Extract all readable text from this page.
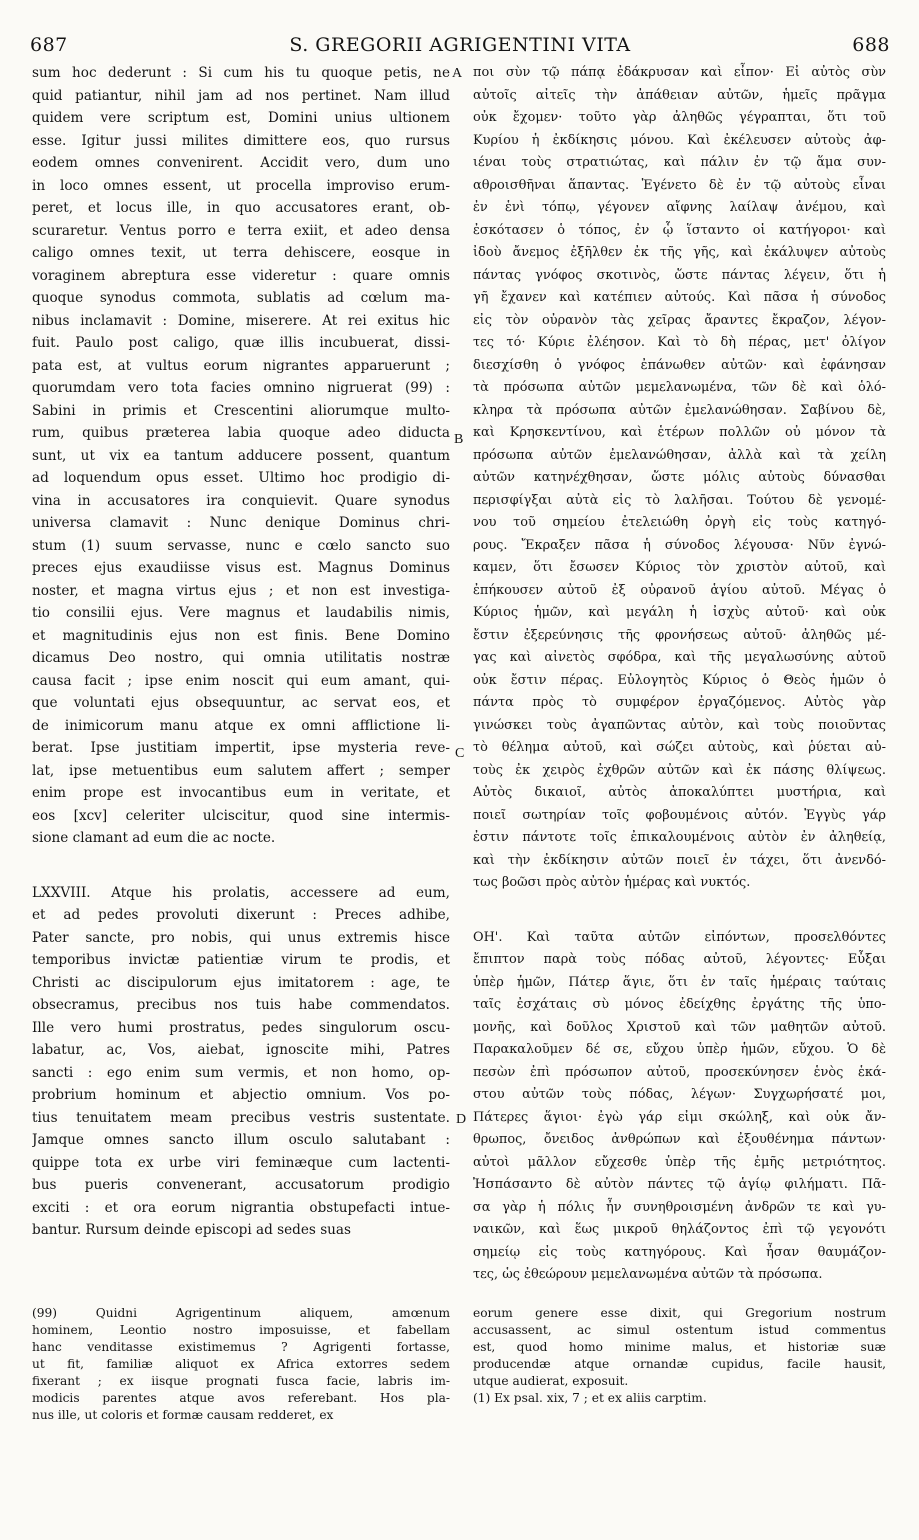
687	S. GREGORII AGRIGENTINI VITA	688
sum hoc dederunt : Si cum his tu quoque petis, ne
quid patiantur, nihil jam ad nos pertinet. Nam illud
quidem vere scriptum est, Domini unius ultionem
esse. Igitur jussi milites dimittere eos, quo rursus
eodem omnes convenirent. Accidit vero, dum uno
in loco omnes essent, ut procella improviso erum-
peret, et locus ille, in quo accusatores erant, ob-
scuraretur. Ventus porro e terra exiit, et adeo densa
caligo omnes texit, ut terra dehiscere, eosque in
voraginem abreptura esse videretur : quare omnis
quoque synodus commota, sublatis ad cœlum ma-
nibus inclamavit : Domine, miserere. At rei exitus hic
fuit. Paulo post caligo, quæ illis incubuerat, dissi-
pata est, at vultus eorum nigrantes apparuerunt ;
quorumdam vero tota facies omnino nigruerat (99) :
Sabini in primis et Crescentini aliorumque multo-
rum, quibus præterea labia quoque adeo diducta
sunt, ut vix ea tantum adducere possent, quantum
ad loquendum opus esset. Ultimo hoc prodigio di-
vina in accusatores ira conquievit. Quare synodus
universa clamavit : Nunc denique Dominus chri-
stum (1) suum servasse, nunc e cœlo sancto suo
preces ejus exaudiisse visus est. Magnus Dominus
noster, et magna virtus ejus ; et non est investiga-
tio consilii ejus. Vere magnus et laudabilis nimis,
et magnitudinis ejus non est finis. Bene Domino
dicamus Deo nostro, qui omnia utilitatis nostræ
causa facit ; ipse enim noscit qui eum amant, qui-
que voluntati ejus obsequuntur, ac servat eos, et
de inimicorum manu atque ex omni afflictione li-
berat. Ipse justitiam impertit, ipse mysteria reve-
lat, ipse metuentibus eum salutem affert ; semper
enim prope est invocantibus eum in veritate, et
eos [xcv] celeriter ulciscitur, quod sine intermis-
sione clamant ad eum die ac nocte.
LXXVIII. Atque his prolatis, accessere ad eum,
et ad pedes provoluti dixerunt : Preces adhibe,
Pater sancte, pro nobis, qui unus extremis hisce
temporibus invictæ patientiæ virum te prodis, et
Christi ac discipulorum ejus imitatorem : age, te
obsecramus, precibus nos tuis habe commendatos.
Ille vero humi prostratus, pedes singulorum oscu-
labatur, ac, Vos, aiebat, ignoscite mihi, Patres
sancti : ego enim sum vermis, et non homo, op-
probrium hominum et abjectio omnium. Vos po-
tius tenuitatem meam precibus vestris sustentate.
Jamque omnes sancto illum osculo salutabant :
quippe tota ex urbe viri feminæque cum lactenti-
bus pueris convenerant, accusatorum prodigio
exciti : et ora eorum nigrantia obstupefacti intue-
bantur. Rursum deinde episcopi ad sedes suas
ποι σὺν τῷ πάπᾳ ἐδάκρυσαν καὶ εἶπον· Εἰ αὐτὸς σὺν
αὐτοῖς αἰτεῖς τὴν ἀπάθειαν αὐτῶν, ἡμεῖς πρᾶγμα
οὐκ ἔχομεν· τοῦτο γὰρ ἀληθῶς γέγραπται, ὅτι τοῦ
Κυρίου ἡ ἐκδίκησις μόνου. Καὶ ἐκέλευσεν αὐτοὺς ἀφ-
ιέναι τοὺς στρατιώτας, καὶ πάλιν ἐν τῷ ἅμα συν-
αθροισθῆναι ἅπαντας. Ἐγένετο δὲ ἐν τῷ αὐτοὺς εἶναι
ἐν ἑνὶ τόπῳ, γέγονεν αἴφνης λαίλαψ ἀνέμου, καὶ
ἐσκότασεν ὁ τόπος, ἐν ᾧ ἵσταντο οἱ κατήγοροι· καὶ
ἰδοὺ ἄνεμος ἐξῆλθεν ἐκ τῆς γῆς, καὶ ἐκάλυψεν αὐτοὺς
πάντας γνόφος σκοτινὸς, ὥστε πάντας λέγειν, ὅτι ἡ
γῆ ἔχανεν καὶ κατέπιεν αὐτούς. Καὶ πᾶσα ἡ σύνοδος
εἰς τὸν οὐρανὸν τὰς χεῖρας ἄραντες ἔκραζον, λέγον-
τες τό· Κύριε ἐλέησον. Καὶ τὸ δὴ πέρας, μετ' ὀλίγον
διεσχίσθη ὁ γνόφος ἐπάνωθεν αὐτῶν· καὶ ἐφάνησαν
τὰ πρόσωπα αὐτῶν μεμελανωμένα, τῶν δὲ καὶ ὁλό-
κληρα τὰ πρόσωπα αὐτῶν ἐμελανώθησαν. Σαβίνου δὲ,
καὶ Κρησκεντίνου, καὶ ἑτέρων πολλῶν οὐ μόνον τὰ
πρόσωπα αὐτῶν ἐμελανώθησαν, ἀλλὰ καὶ τὰ χείλη
αὐτῶν κατηνέχθησαν, ὥστε μόλις αὐτοὺς δύνασθαι
περισφίγξαι αὐτὰ εἰς τὸ λαλῆσαι. Τούτου δὲ γενομέ-
νου τοῦ σημείου ἐτελειώθη ὀργὴ εἰς τοὺς κατηγό-
ρους. Ἔκραξεν πᾶσα ἡ σύνοδος λέγουσα· Νῦν ἐγνώ-
καμεν, ὅτι ἔσωσεν Κύριος τὸν χριστὸν αὐτοῦ, καὶ
ἐπήκουσεν αὐτοῦ ἐξ οὐρανοῦ ἁγίου αὐτοῦ. Μέγας ὁ
Κύριος ἡμῶν, καὶ μεγάλη ἡ ἰσχὺς αὐτοῦ· καὶ οὐκ
ἔστιν ἐξερεύνησις τῆς φρονήσεως αὐτοῦ· ἀληθῶς μέ-
γας καὶ αἰνετὸς σφόδρα, καὶ τῆς μεγαλωσύνης αὐτοῦ
οὐκ ἔστιν πέρας. Εὐλογητὸς Κύριος ὁ Θεὸς ἡμῶν ὁ
πάντα πρὸς τὸ συμφέρον ἐργαζόμενος. Αὐτὸς γὰρ
γινώσκει τοὺς ἀγαπῶντας αὐτὸν, καὶ τοὺς ποιοῦντας
τὸ θέλημα αὐτοῦ, καὶ σώζει αὐτοὺς, καὶ ῥύεται αὐ-
τοὺς ἐκ χειρὸς ἐχθρῶν αὐτῶν καὶ ἐκ πάσης θλίψεως.
Αὐτὸς δικαιοῖ, αὐτὸς ἀποκαλύπτει μυστήρια, καὶ
ποιεῖ σωτηρίαν τοῖς φοβουμένοις αὐτόν. Ἐγγὺς γάρ
ἐστιν πάντοτε τοῖς ἐπικαλουμένοις αὐτὸν ἐν ἀληθείᾳ,
καὶ τὴν ἐκδίκησιν αὐτῶν ποιεῖ ἐν τάχει, ὅτι ἀνενδό-
τως βοῶσι πρὸς αὐτὸν ἡμέρας καὶ νυκτός.
ΟΗ'. Καὶ ταῦτα αὐτῶν εἰπόντων, προσελθόντες
ἔπιπτον παρὰ τοὺς πόδας αὐτοῦ, λέγοντες· Εὖξαι
ὑπὲρ ἡμῶν, Πάτερ ἅγιε, ὅτι ἐν ταῖς ἡμέραις ταύταις
ταῖς ἐσχάταις σὺ μόνος ἐδείχθης ἐργάτης τῆς ὑπο-
μονῆς, καὶ δοῦλος Χριστοῦ καὶ τῶν μαθητῶν αὐτοῦ.
Παρακαλοῦμεν δέ σε, εὔχου ὑπὲρ ἡμῶν, εὔχου. Ὁ δὲ
πεσὼν ἐπὶ πρόσωπον αὐτοῦ, προσεκύνησεν ἑνὸς ἑκά-
στου αὐτῶν τοὺς πόδας, λέγων· Συγχωρήσατέ μοι,
Πάτερες ἅγιοι· ἐγὼ γάρ εἰμι σκώληξ, καὶ οὐκ ἄν-
θρωπος, ὄνειδος ἀνθρώπων καὶ ἐξουθένημα πάντων·
αὐτοὶ μᾶλλον εὔχεσθε ὑπὲρ τῆς ἐμῆς μετριότητος.
Ἠσπάσαντο δὲ αὐτὸν πάντες τῷ ἁγίῳ φιλήματι. Πᾶ-
σα γὰρ ἡ πόλις ἦν συνηθροισμένη ἀνδρῶν τε καὶ γυ-
ναικῶν, καὶ ἕως μικροῦ θηλάζοντος ἐπὶ τῷ γεγονότι
σημείῳ εἰς τοὺς κατηγόρους. Καὶ ἦσαν θαυμάζον-
τες, ὡς ἐθεώρουν μεμελανωμένα αὐτῶν τὰ πρόσωπα.
A
B
C
D
(99) Quidni Agrigentinum aliquem, amœnum
hominem, Leontio nostro imposuisse, et fabellam
hanc venditasse existimemus ? Agrigenti fortasse,
ut fit, familiæ aliquot ex Africa extorres sedem
fixerant ; ex iisque prognati fusca facie, labris im-
modicis parentes atque avos referebant. Hos pla-
nus ille, ut coloris et formæ causam redderet, ex
eorum genere esse dixit, qui Gregorium nostrum
accusassent, ac simul ostentum istud commentus
est, quod homo minime malus, et historiæ suæ
producendæ atque ornandæ cupidus, facile hausit,
utque audierat, exposuit.
(1) Ex psal. xix, 7 ; et ex aliis carptim.
